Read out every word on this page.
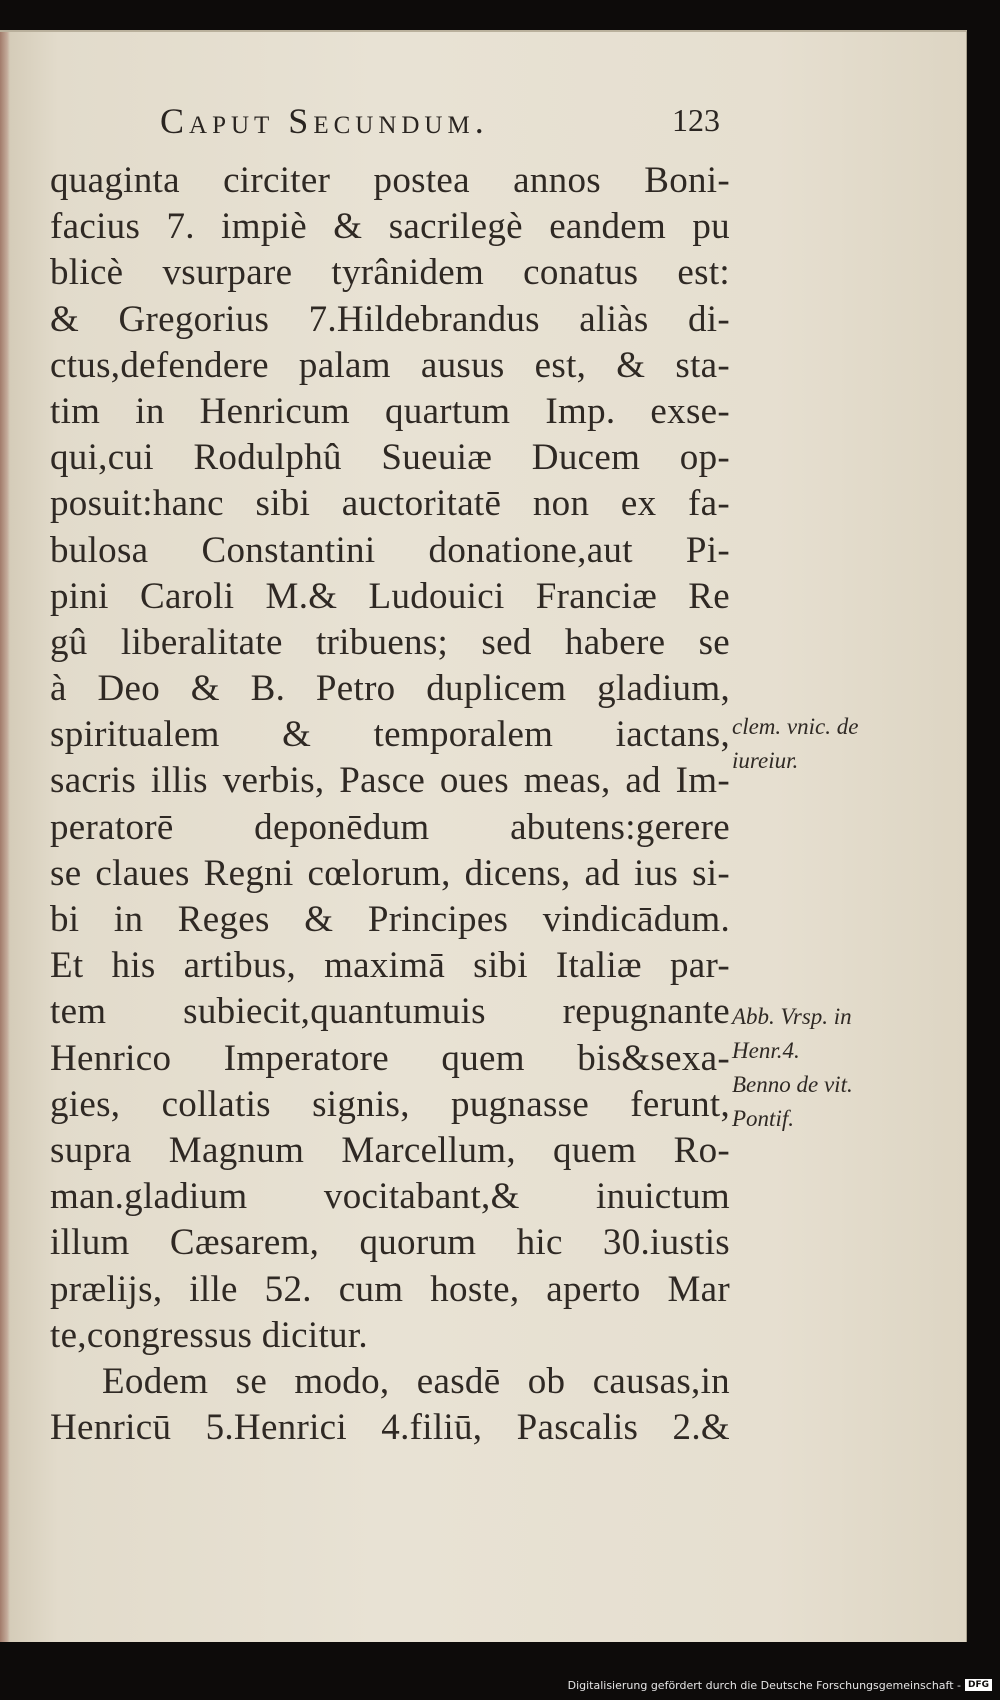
Caput Secundum.	123
quaginta circiter postea annos Boni-
facius 7. impiè & sacrilegè eandem pu
blicè vsurpare tyrânidem conatus est:
& Gregorius 7.Hildebrandus aliàs di-
ctus,defendere palam ausus est, & sta-
tim in Henricum quartum Imp. exse-
qui,cui Rodulphû Sueuiæ Ducem op-
posuit:hanc sibi auctoritatē non ex fa-
bulosa Constantini donatione,aut Pi-
pini Caroli M.& Ludouici Franciæ Re
gû liberalitate tribuens; sed habere se
à Deo & B. Petro duplicem gladium,
spiritualem & temporalem iactans,
sacris illis verbis, Pasce oues meas, ad Im-
peratorē deponēdum abutens:gerere
se claues Regni cœlorum, dicens, ad ius si-
bi in Reges & Principes vindicādum.
Et his artibus, maximā sibi Italiæ par-
tem subiecit,quantumuis repugnante
Henrico Imperatore quem bis&sexa-
gies, collatis signis, pugnasse ferunt,
supra Magnum Marcellum, quem Ro-
man.gladium vocitabant,& inuictum
illum Cæsarem, quorum hic 30.iustis
prælijs, ille 52. cum hoste, aperto Mar
te,congressus dicitur.
Eodem se modo, easdē ob causas,in
Henricū 5.Henrici 4.filiū, Pascalis 2.&
clem. vnic. de
iureiur.
Abb. Vrsp. in
Henr.4.
Benno de vit.
Pontif.
Digitalisierung gefördert durch die Deutsche Forschungsgemeinschaft - DFG
